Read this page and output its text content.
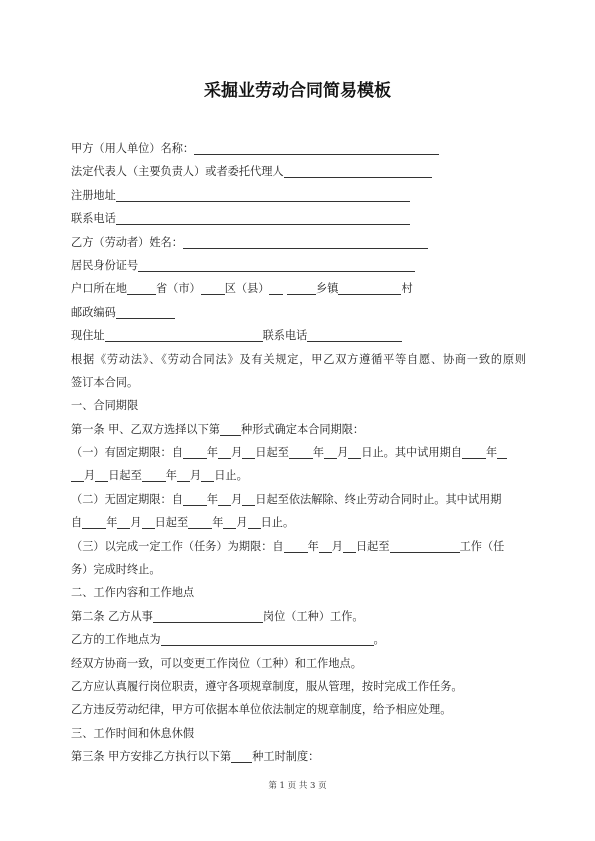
采掘业劳动合同简易模板
甲方（用人单位）名称：
法定代表人（主要负责人）或者委托代理人
注册地址
联系电话
乙方（劳动者）姓名：
居民身份证号
户口所在地	省（市） 区（县）	乡镇	村
邮政编码
现住址	联系电话
根据《劳动法》、《劳动合同法》及有关规定，甲乙双方遵循平等自愿、协商一致的原则
签订本合同。
一、合同期限
第一条 甲、乙双方选择以下第 种形式确定本合同期限：
（一）有固定期限：自 年 月 日起至 年 月 日止。其中试用期自 年
月 日起至 年 月 日止。
（二）无固定期限：自 年 月 日起至依法解除、终止劳动合同时止。其中试用期
自 年 月 日起至 年 月 日止。
（三）以完成一定工作（任务）为期限：自 年 月 日起至	工作（任
务）完成时终止。
二、工作内容和工作地点
第二条 乙方从事	岗位（工种）工作。
乙方的工作地点为	。
经双方协商一致，可以变更工作岗位（工种）和工作地点。
乙方应认真履行岗位职责，遵守各项规章制度，服从管理，按时完成工作任务。
乙方违反劳动纪律，甲方可依据本单位依法制定的规章制度，给予相应处理。
三、工作时间和休息休假
第三条 甲方安排乙方执行以下第 种工时制度：
第 1 页 共 3 页
